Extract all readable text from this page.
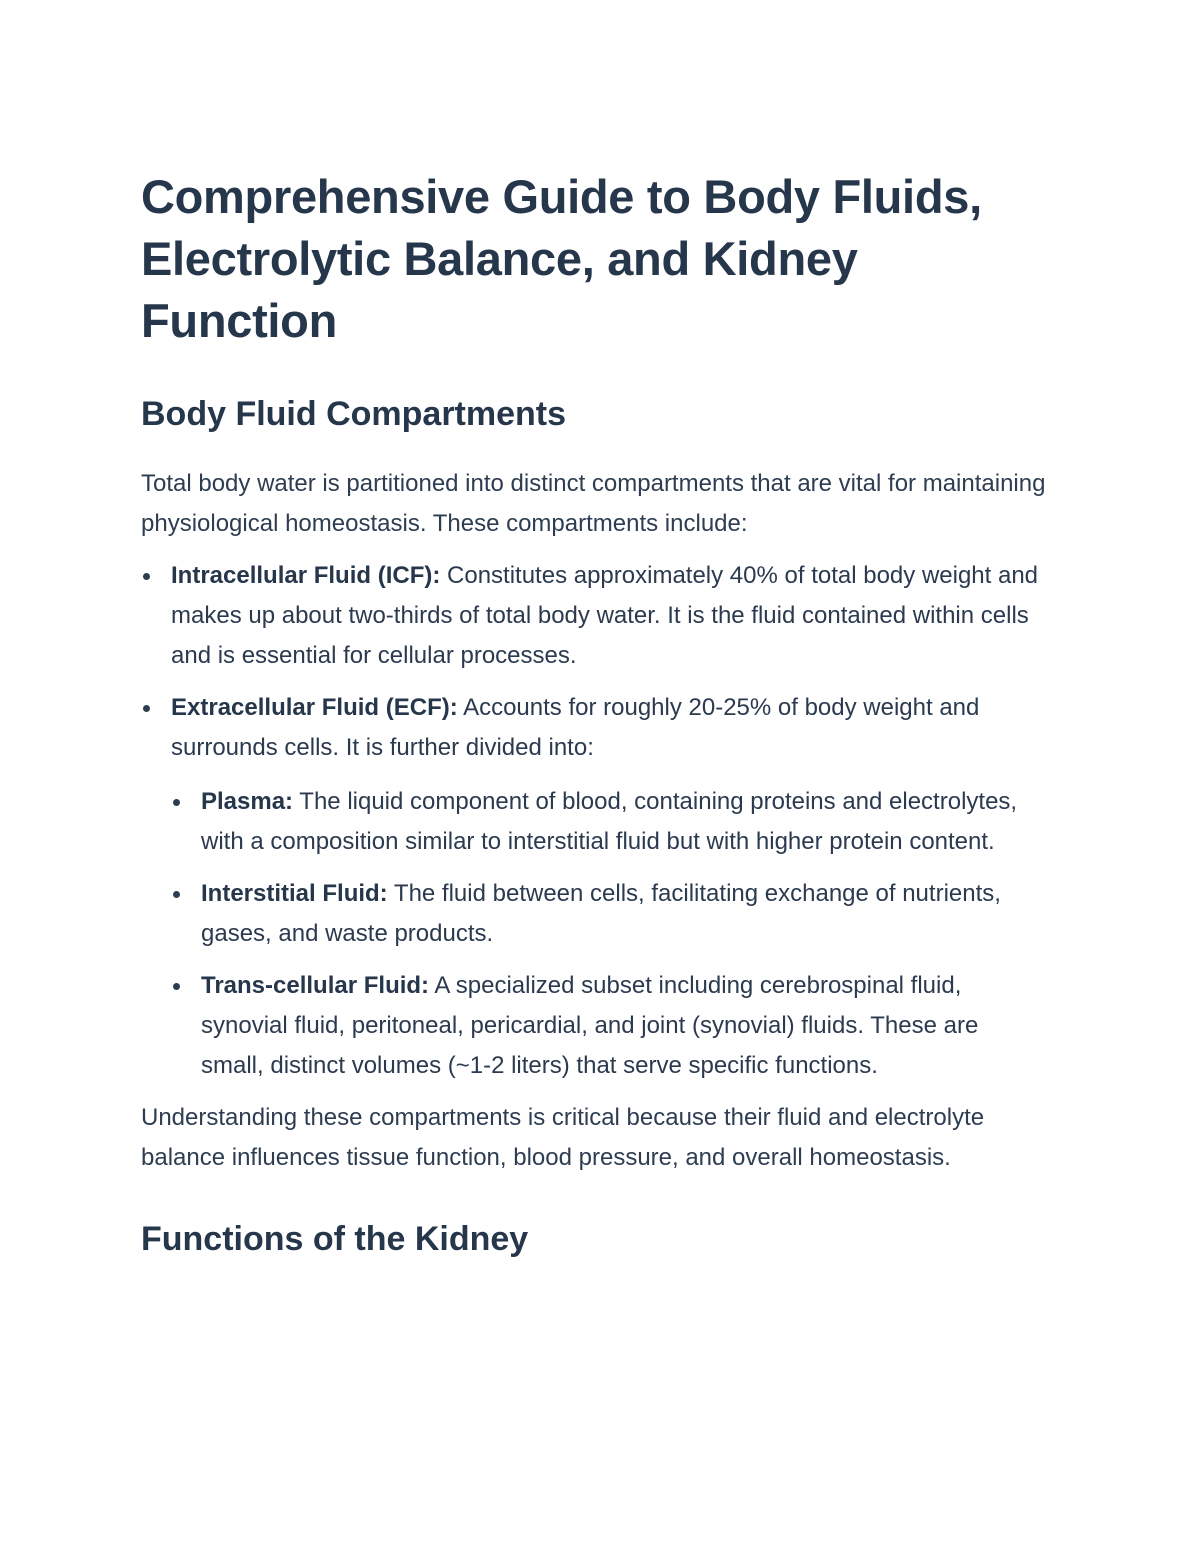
Comprehensive Guide to Body Fluids, Electrolytic Balance, and Kidney Function
Body Fluid Compartments

Total body water is partitioned into distinct compartments that are vital for maintaining physiological homeostasis. These compartments include:

Intracellular Fluid (ICF): Constitutes approximately 40% of total body weight and makes up about two-thirds of total body water. It is the fluid contained within cells and is essential for cellular processes.
Extracellular Fluid (ECF): Accounts for roughly 20-25% of body weight and surrounds cells. It is further divided into:
Plasma: The liquid component of blood, containing proteins and electrolytes, with a composition similar to interstitial fluid but with higher protein content.
Interstitial Fluid: The fluid between cells, facilitating exchange of nutrients, gases, and waste products.
Trans-cellular Fluid: A specialized subset including cerebrospinal fluid, synovial fluid, peritoneal, pericardial, and joint (synovial) fluids. These are small, distinct volumes (~1-2 liters) that serve specific functions.

Understanding these compartments is critical because their fluid and electrolyte balance influences tissue function, blood pressure, and overall homeostasis.

Functions of the Kidney
